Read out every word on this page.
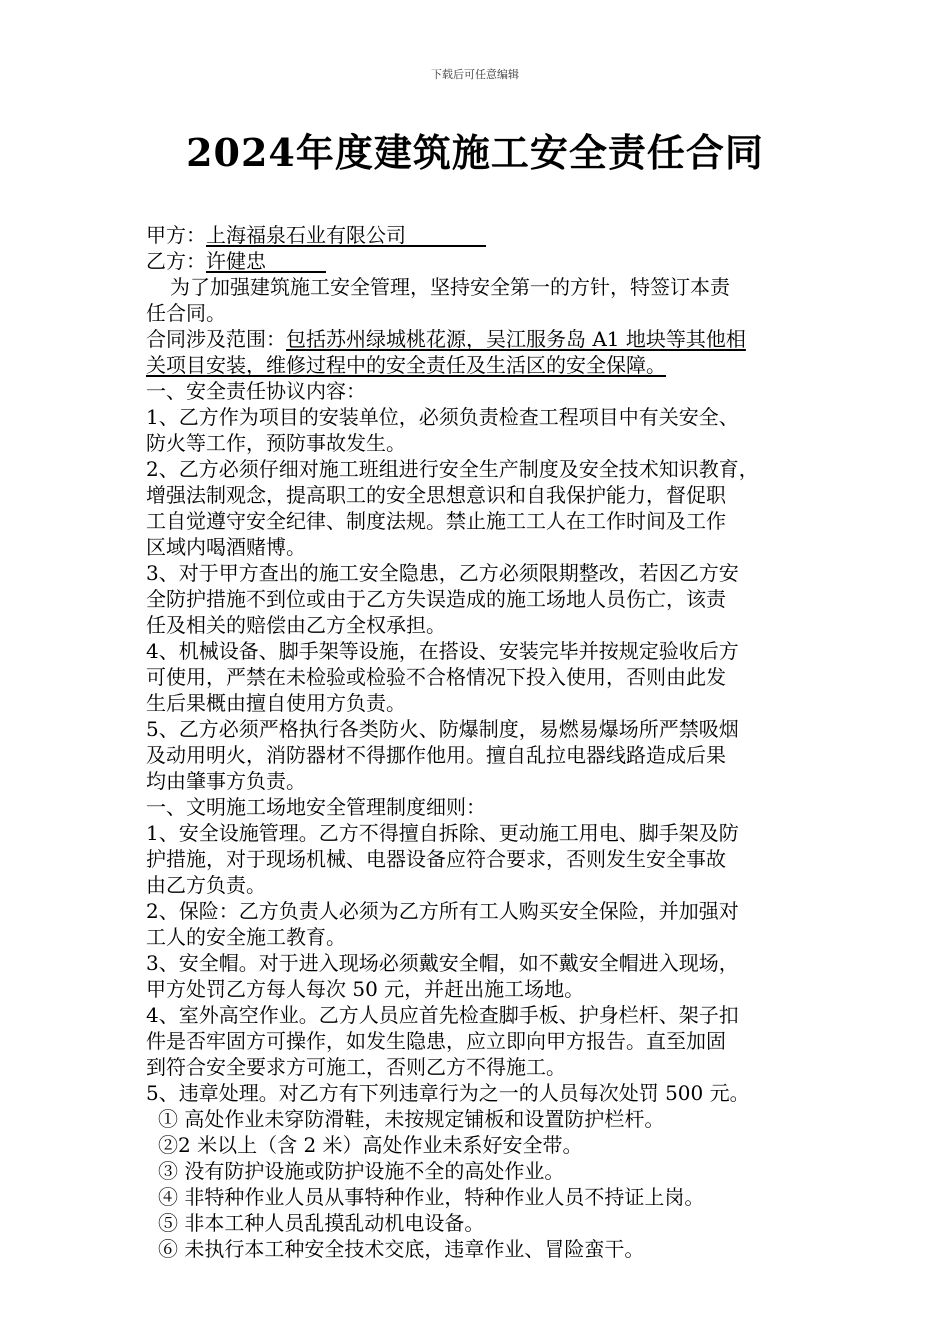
下载后可任意编辑
2024年度建筑施工安全责任合同
甲方：上海福泉石业有限公司　　　　
乙方：许健忠　　　
为了加强建筑施工安全管理，坚持安全第一的方针，特签订本责
任合同。
合同涉及范围：包括苏州绿城桃花源，吴江服务岛 A1 地块等其他相
关项目安装，维修过程中的安全责任及生活区的安全保障。
一、安全责任协议内容：
1、乙方作为项目的安装单位，必须负责检查工程项目中有关安全、
防火等工作，预防事故发生。
2、乙方必须仔细对施工班组进行安全生产制度及安全技术知识教育，
增强法制观念，提高职工的安全思想意识和自我保护能力，督促职
工自觉遵守安全纪律、制度法规。禁止施工工人在工作时间及工作
区域内喝酒赌博。
3、对于甲方查出的施工安全隐患，乙方必须限期整改，若因乙方安
全防护措施不到位或由于乙方失误造成的施工场地人员伤亡，该责
任及相关的赔偿由乙方全权承担。
4、机械设备、脚手架等设施，在搭设、安装完毕并按规定验收后方
可使用，严禁在未检验或检验不合格情况下投入使用，否则由此发
生后果概由擅自使用方负责。
5、乙方必须严格执行各类防火、防爆制度，易燃易爆场所严禁吸烟
及动用明火，消防器材不得挪作他用。擅自乱拉电器线路造成后果
均由肇事方负责。
一、文明施工场地安全管理制度细则：
1、安全设施管理。乙方不得擅自拆除、更动施工用电、脚手架及防
护措施，对于现场机械、电器设备应符合要求，否则发生安全事故
由乙方负责。
2、保险：乙方负责人必须为乙方所有工人购买安全保险，并加强对
工人的安全施工教育。
3、安全帽。对于进入现场必须戴安全帽，如不戴安全帽进入现场，
甲方处罚乙方每人每次 50 元，并赶出施工场地。
4、室外高空作业。乙方人员应首先检查脚手板、护身栏杆、架子扣
件是否牢固方可操作，如发生隐患，应立即向甲方报告。直至加固
到符合安全要求方可施工，否则乙方不得施工。
5、违章处理。对乙方有下列违章行为之一的人员每次处罚 500 元。
① 高处作业未穿防滑鞋，未按规定铺板和设置防护栏杆。
②2 米以上（含 2 米）高处作业未系好安全带。
③ 没有防护设施或防护设施不全的高处作业。
④ 非特种作业人员从事特种作业，特种作业人员不持证上岗。
⑤ 非本工种人员乱摸乱动机电设备。
⑥ 未执行本工种安全技术交底，违章作业、冒险蛮干。
